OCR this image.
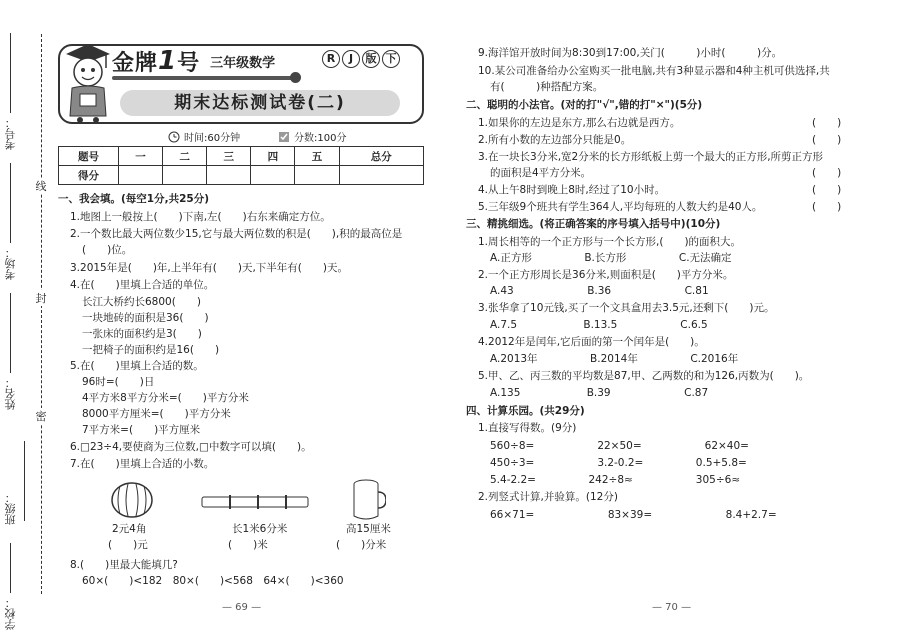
线
封
密
考号：
考场：
姓名：
班级：
学校：
金牌 1 号 三年级数学	R	J	版 下
期末达标测试卷(二)
时间:60分钟	分数:100分
题号	一	二	三	四	五	总分
得分						
一、我会填。(每空1分,共25分)
1.地图上一般按上(　　)下南,左(　　)右东来确定方位。
2.一个数比最大两位数少15,它与最大两位数的积是(　　),积的最高位是
(　　)位。
3.2015年是(　　)年,上半年有(　　)天,下半年有(　　)天。
4.在(　　)里填上合适的单位。
长江大桥约长6800(　　)
一块地砖的面积是36(　　)
一张床的面积约是3(　　)
一把椅子的面积约是16(　　)
5.在(　　)里填上合适的数。
96时=(　　)日
4平方米8平方分米=(　　)平方分米
8000平方厘米=(　　)平方分米
7平方米=(　　)平方厘米
6.□23÷4,要使商为三位数,□中数字可以填(　　)。
7.在(　　)里填上合适的小数。
2元4角
(　　)元
长1米6分米
(　　)米
高15厘米
(　　)分米
8.(　　)里最大能填几?
60×(　　)<182　80×(　　)<568　64×(　　)<360
— 69 —
9.海洋馆开放时间为8:30到17:00,关门(　　　)小时(　　　)分。
10.某公司准备给办公室购买一批电脑,共有3种显示器和4种主机可供选择,共
有(　　　)种搭配方案。
二、聪明的小法官。(对的打"√",错的打"×")(5分)
1.如果你的左边是东方,那么右边就是西方。
2.所有小数的左边部分只能是0。
3.在一块长3分米,宽2分米的长方形纸板上剪一个最大的正方形,所剪正方形
的面积是4平方分米。
4.从上午8时到晚上8时,经过了10小时。
5.三年级9个班共有学生364人,平均每班的人数大约是40人。
(　　)
(　　)
(　　)
(　　)
(　　)
三、精挑细选。(将正确答案的序号填入括号中)(10分)
1.周长相等的一个正方形与一个长方形,(　　)的面积大。
A.正方形　　　　　B.长方形　　　　　C.无法确定
2.一个正方形周长是36分米,则面积是(　　)平方分米。
A.43　　　　　　　B.36　　　　　　　C.81
3.张华拿了10元钱,买了一个文具盒用去3.5元,还剩下(　　)元。
A.7.5　　　　　　 B.13.5　　　　　　C.6.5
4.2012年是闰年,它后面的第一个闰年是(　　)。
A.2013年　　　　　B.2014年　　　　　C.2016年
5.甲、乙、丙三数的平均数是87,甲、乙两数的和为126,丙数为(　　)。
A.135　　　　　　 B.39　　　　　　　C.87
四、计算乐园。(共29分)
1.直接写得数。(9分)
560÷8=　　　　　　22×50=　　　　　　62×40=
450÷3=　　　　　　3.2-0.2=　　　　　0.5+5.8=
5.4-2.2=　　　　　242÷8≈　　　　　　305÷6≈
2.列竖式计算,并验算。(12分)
66×71=　　　　　　　83×39=　　　　　　　8.4+2.7=
— 70 —
